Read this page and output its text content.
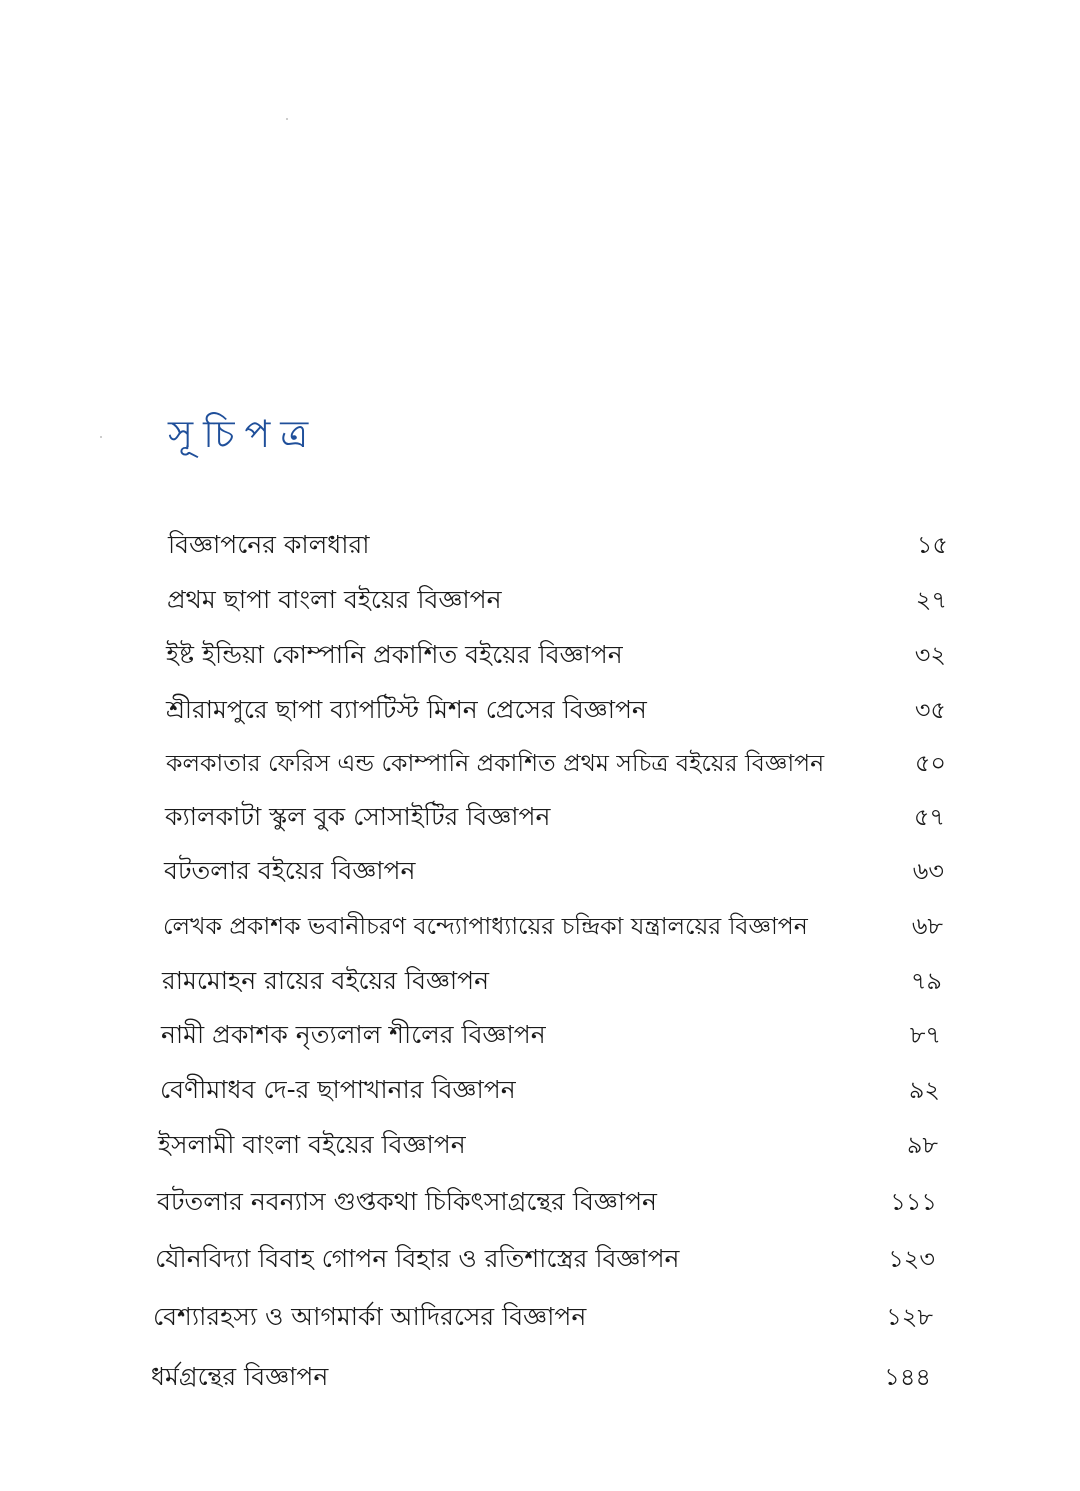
সূচিপত্র
বিজ্ঞাপনের কালধারা	১৫
প্রথম ছাপা বাংলা বইয়ের বিজ্ঞাপন	২৭
ইষ্ট ইন্ডিয়া কোম্পানি প্রকাশিত বইয়ের বিজ্ঞাপন	৩২
শ্রীরামপুরে ছাপা ব্যাপটিস্ট মিশন প্রেসের বিজ্ঞাপন	৩৫
কলকাতার ফেরিস এন্ড কোম্পানি প্রকাশিত প্রথম সচিত্র বইয়ের বিজ্ঞাপন	৫০
ক্যালকাটা স্কুল বুক সোসাইটির বিজ্ঞাপন	৫৭
বটতলার বইয়ের বিজ্ঞাপন	৬৩
লেখক প্রকাশক ভবানীচরণ বন্দ্যোপাধ্যায়ের চন্দ্রিকা যন্ত্রালয়ের বিজ্ঞাপন	৬৮
রামমোহন রায়ের বইয়ের বিজ্ঞাপন	৭৯
নামী প্রকাশক নৃত্যলাল শীলের বিজ্ঞাপন	৮৭
বেণীমাধব দে-র ছাপাখানার বিজ্ঞাপন	৯২
ইসলামী বাংলা বইয়ের বিজ্ঞাপন	৯৮
বটতলার নবন্যাস গুপ্তকথা চিকিৎসাগ্রন্থের বিজ্ঞাপন	১১১
যৌনবিদ্যা বিবাহ গোপন বিহার ও রতিশাস্ত্রের বিজ্ঞাপন	১২৩
বেশ্যারহস্য ও আগমার্কা আদিরসের বিজ্ঞাপন	১২৮
ধর্মগ্রন্থের বিজ্ঞাপন	১৪৪
